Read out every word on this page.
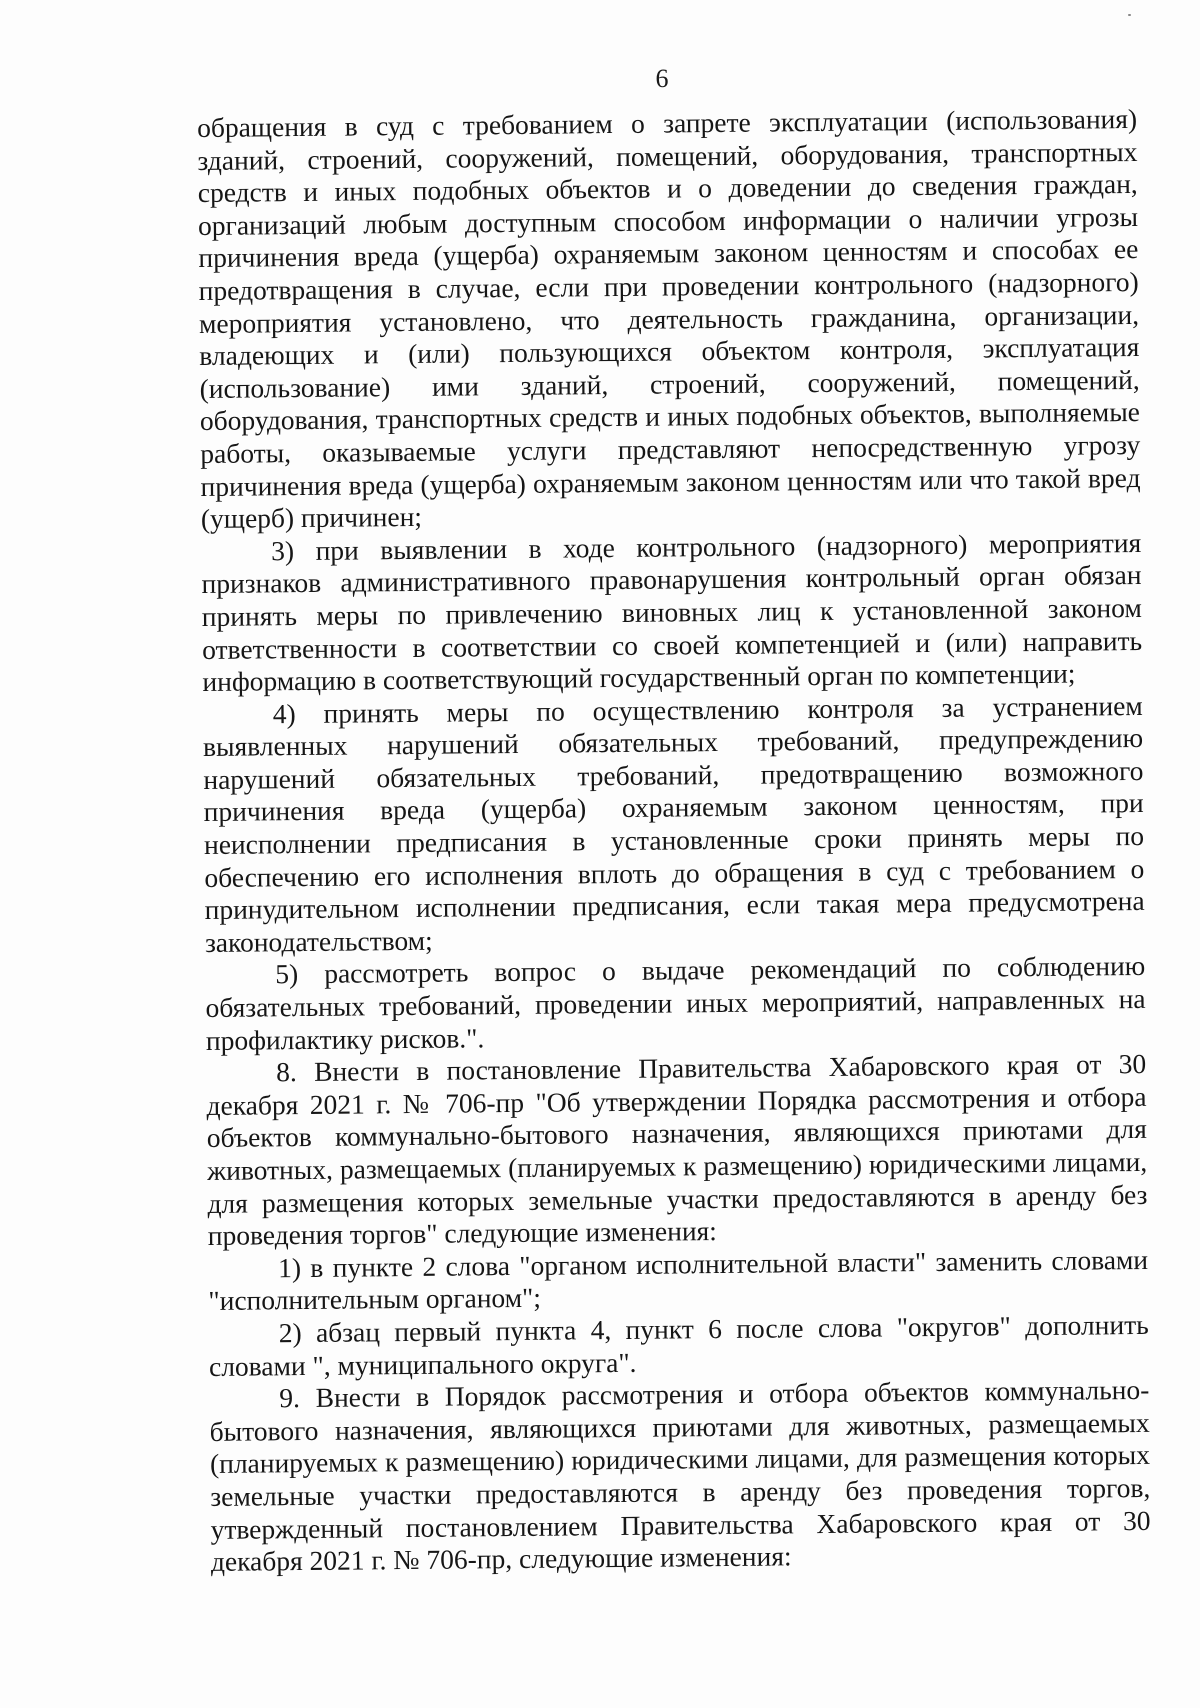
6

обращения в суд с требованием о запрете эксплуатации (использования) зданий, строений, сооружений, помещений, оборудования, транспортных средств и иных подобных объектов и о доведении до сведения граждан, организаций любым доступным способом информации о наличии угрозы причинения вреда (ущерба) охраняемым законом ценностям и способах ее предотвращения в случае, если при проведении контрольного (надзорного) мероприятия установлено, что деятельность гражданина, организации, владеющих и (или) пользующихся объектом контроля, эксплуатация (использование) ими зданий, строений, сооружений, помещений, оборудования, транспортных средств и иных подобных объектов, выполняемые работы, оказываемые услуги представляют непосредственную угрозу причинения вреда (ущерба) охраняемым законом ценностям или что такой вред (ущерб) причинен;

3) при выявлении в ходе контрольного (надзорного) мероприятия признаков административного правонарушения контрольный орган обязан принять меры по привлечению виновных лиц к установленной законом ответственности в соответствии со своей компетенцией и (или) направить информацию в соответствующий государственный орган по компетенции;

4) принять меры по осуществлению контроля за устранением выявленных нарушений обязательных требований, предупреждению нарушений обязательных требований, предотвращению возможного причинения вреда (ущерба) охраняемым законом ценностям, при неисполнении предписания в установленные сроки принять меры по обеспечению его исполнения вплоть до обращения в суд с требованием о принудительном исполнении предписания, если такая мера предусмотрена законодательством;

5) рассмотреть вопрос о выдаче рекомендаций по соблюдению обязательных требований, проведении иных мероприятий, направленных на профилактику рисков.".

8. Внести в постановление Правительства Хабаровского края от 30 декабря 2021 г. № 706-пр "Об утверждении Порядка рассмотрения и отбора объектов коммунально-бытового назначения, являющихся приютами для животных, размещаемых (планируемых к размещению) юридическими лицами, для размещения которых земельные участки предоставляются в аренду без проведения торгов" следующие изменения:

1) в пункте 2 слова "органом исполнительной власти" заменить словами "исполнительным органом";

2) абзац первый пункта 4, пункт 6 после слова "округов" дополнить словами ", муниципального округа".

9. Внести в Порядок рассмотрения и отбора объектов коммунально-бытового назначения, являющихся приютами для животных, размещаемых (планируемых к размещению) юридическими лицами, для размещения которых земельные участки предоставляются в аренду без проведения торгов, утвержденный постановлением Правительства Хабаровского края от 30 декабря 2021 г. № 706-пр, следующие изменения:
